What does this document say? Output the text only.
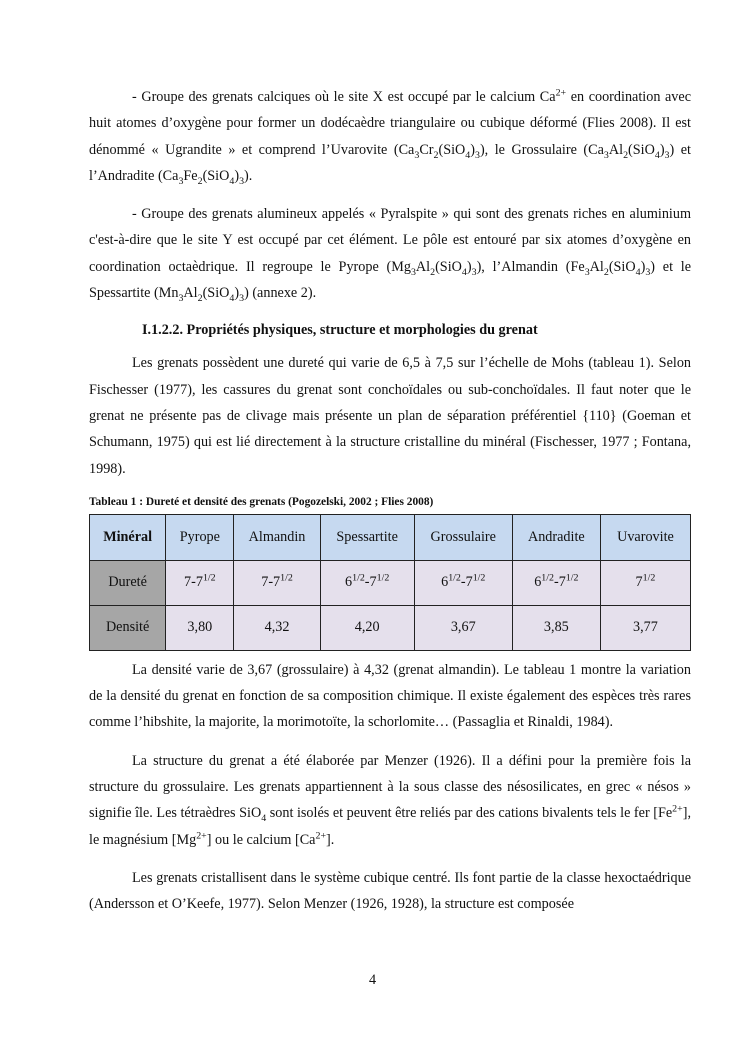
- Groupe des grenats calciques où le site X est occupé par le calcium $Ca^{2+}$ en coordination avec huit atomes d’oxygène pour former un dodécaèdre triangulaire ou cubique déformé (Flies 2008). Il est dénommé « Ugrandite » et comprend l’Uvarovite $(Ca_3Cr_2(SiO_4)_3)$, le Grossulaire $(Ca_3Al_2(SiO_4)_3)$ et l’Andradite $(Ca_3Fe_2(SiO_4)_3)$.

- Groupe des grenats alumineux appelés « Pyralspite » qui sont des grenats riches en aluminium c'est-à-dire que le site Y est occupé par cet élément. Le pôle est entouré par six atomes d’oxygène en coordination octaèdrique. Il regroupe le Pyrope $(Mg_3Al_2(SiO_4)_3)$, l’Almandin $(Fe_3Al_2(SiO_4)_3)$ et le Spessartite $(Mn_3Al_2(SiO_4)_3)$ (annexe 2).

I.1.2.2. Propriétés physiques, structure et morphologies du grenat

Les grenats possèdent une dureté qui varie de 6,5 à 7,5 sur l’échelle de Mohs (tableau 1). Selon Fischesser (1977), les cassures du grenat sont conchoïdales ou sub-conchoïdales. Il faut noter que le grenat ne présente pas de clivage mais présente un plan de séparation préférentiel {110} (Goeman et Schumann, 1975) qui est lié directement à la structure cristalline du minéral (Fischesser, 1977 ; Fontana, 1998).

Tableau 1 : Dureté et densité des grenats (Pogozelski, 2002 ; Flies 2008)
Minéral	Pyrope	Almandin	Spessartite	Grossulaire	Andradite	Uvarovite
Dureté	$7-7^{1/2}$	$7-7^{1/2}$	$6^{1/2}-7^{1/2}$	$6^{1/2}-7^{1/2}$	$6^{1/2}-7^{1/2}$	$7^{1/2}$
Densité	3,80	4,32	4,20	3,67	3,85	3,77

La densité varie de 3,67 (grossulaire) à 4,32 (grenat almandin). Le tableau 1 montre la variation de la densité du grenat en fonction de sa composition chimique. Il existe également des espèces très rares comme l’hibshite, la majorite, la morimotoïte, la schorlomite… (Passaglia et Rinaldi, 1984).

La structure du grenat a été élaborée par Menzer (1926). Il a défini pour la première fois la structure du grossulaire. Les grenats appartiennent à la sous classe des nésosilicates, en grec « nésos » signifie île. Les tétraèdres SiO$_4$ sont isolés et peuvent être reliés par des cations bivalents tels le fer $[Fe^{2+}]$, le magnésium $[Mg^{2+}]$ ou le calcium $[Ca^{2+}]$.

Les grenats cristallisent dans le système cubique centré. Ils font partie de la classe hexoctaédrique (Andersson et O’Keefe, 1977). Selon Menzer (1926, 1928), la structure est composée

4
